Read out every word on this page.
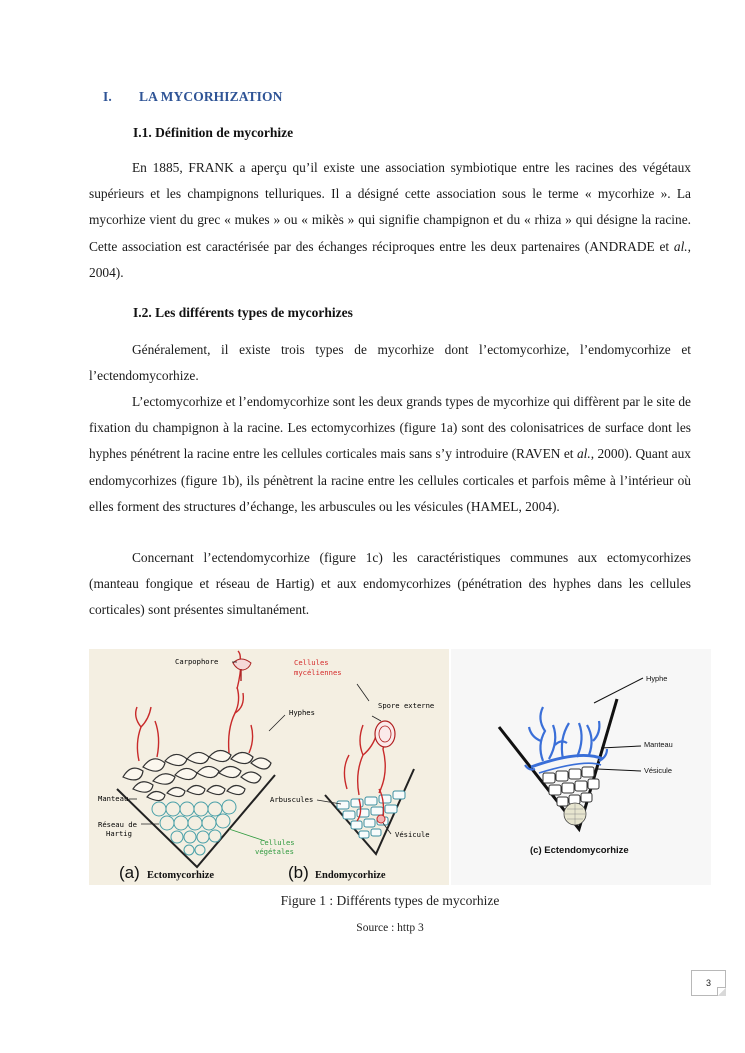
I. LA MYCORHIZATION
I.1. Définition de mycorhize
En 1885, FRANK a aperçu qu’il existe une association symbiotique entre les racines des végétaux supérieurs et les champignons telluriques. Il a désigné cette association sous le terme « mycorhize ». La mycorhize vient du grec « mukes » ou « mikès » qui signifie champignon et du « rhiza » qui désigne la racine. Cette association est caractérisée par des échanges réciproques entre les deux partenaires (ANDRADE et al., 2004).
I.2. Les différents types de mycorhizes
Généralement, il existe trois types de mycorhize dont l’ectomycorhize, l’endomycorhize et l’ectendomycorhize.
L’ectomycorhize et l’endomycorhize sont les deux grands types de mycorhize qui diffèrent par le site de fixation du champignon à la racine. Les ectomycorhizes (figure 1a) sont des colonisatrices de surface dont les hyphes pénétrent la racine entre les cellules corticales mais sans s’y introduire (RAVEN et al., 2000). Quant aux endomycorhizes (figure 1b), ils pénètrent la racine entre les cellules corticales et parfois même à l’intérieur où elles forment des structures d’échange, les arbuscules ou les vésicules (HAMEL, 2004).
Concernant l’ectendomycorhize (figure 1c) les caractéristiques communes aux ectomycorhizes (manteau fongique et réseau de Hartig) et aux endomycorhizes (pénétration des hyphes dans les cellules corticales) sont présentes simultanément.
Carpophore	Cellules
mycéliennes
Hyphes
Spore externe
Manteau
Réseau de
Hartig
Arbuscules
Vésicule
Cellules
végétales
(a) Ectomycorhize	(b) Endomycorhize
Hyphe
Manteau
Vésicule
(c) Ectendomycorhize
Figure 1 : Différents types de mycorhize
Source : http 3
3
